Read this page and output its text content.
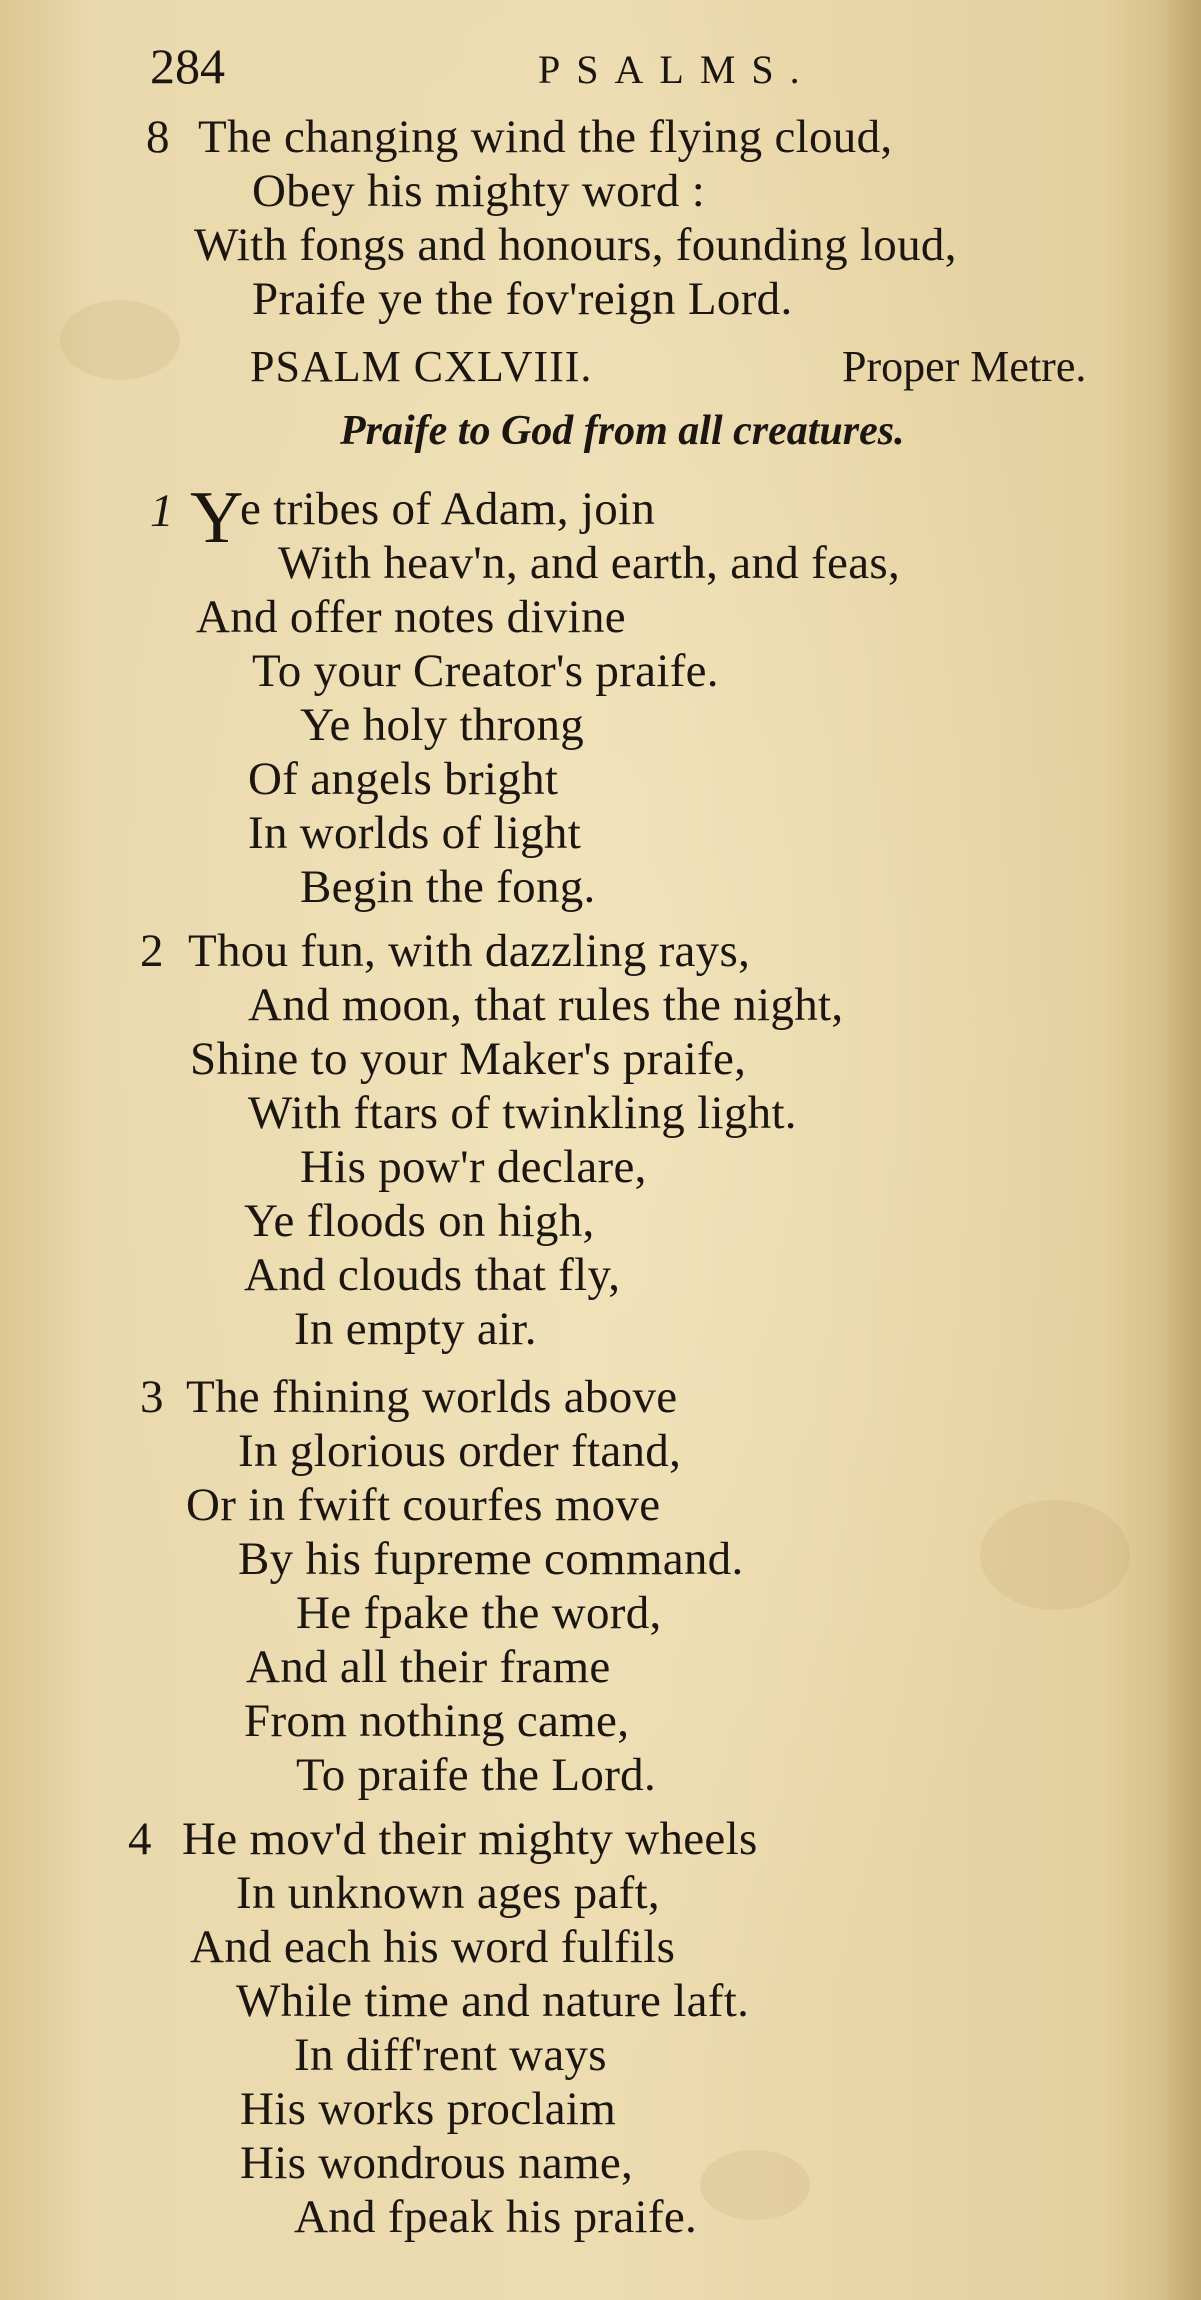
284	PSALMS.
8 The changing wind the flying cloud,
Obey his mighty word :
With fongs and honours, founding loud,
Praife ye the fov'reign Lord.
PSALM CXLVIII.	Proper Metre.
Praife to God from all creatures.
1 Y
e tribes of Adam, join
With heav'n, and earth, and feas,
And offer notes divine
To your Creator's praife.
Ye holy throng
Of angels bright
In worlds of light
Begin the fong.
2 Thou fun, with dazzling rays,
And moon, that rules the night,
Shine to your Maker's praife,
With ftars of twinkling light.
His pow'r declare,
Ye floods on high,
And clouds that fly,
In empty air.
3 The fhining worlds above
In glorious order ftand,
Or in fwift courfes move
By his fupreme command.
He fpake the word,
And all their frame
From nothing came,
To praife the Lord.
4 He mov'd their mighty wheels
In unknown ages paft,
And each his word fulfils
While time and nature laft.
In diff'rent ways
His works proclaim
His wondrous name,
And fpeak his praife.
